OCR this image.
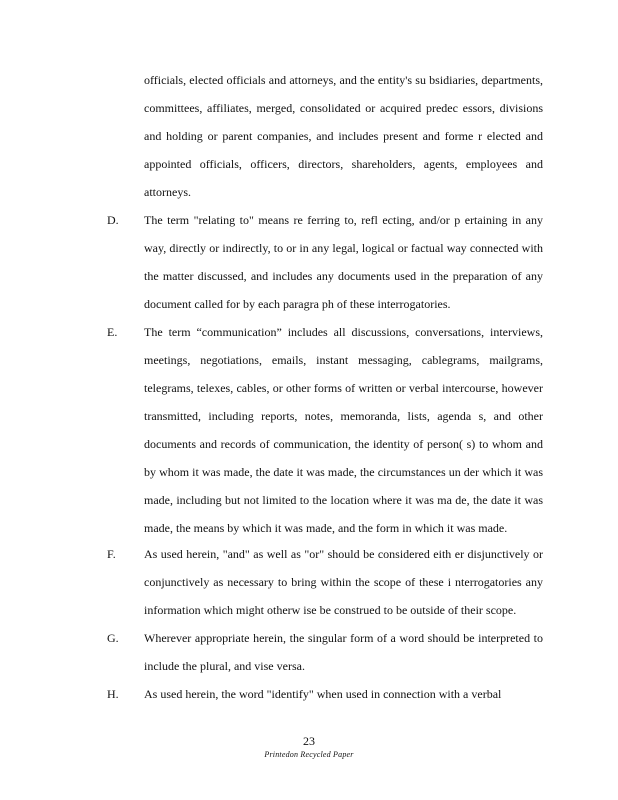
officials, elected officials and attorneys, and the entity's su bsidiaries, departments, committees, affiliates, merged, consolidated or acquired predec essors, divisions and holding or parent companies, and includes present and forme r elected and appointed officials, officers, directors, shareholders, agents, employees and attorneys.
D. The term "relating to" means re ferring to, refl ecting, and/or p ertaining in any way, directly or indirectly, to or in any legal, logical or factual way connected with the matter discussed, and includes any documents used in the preparation of any document called for by each paragra ph of these interrogatories.
E. The term “communication” includes all discussions, conversations, interviews, meetings, negotiations, emails, instant messaging, cablegrams, mailgrams, telegrams, telexes, cables, or other forms of written or verbal intercourse, however transmitted, including reports, notes, memoranda, lists, agenda s, and other documents and records of communication, the identity of person( s) to whom and by whom it was made, the date it was made, the circumstances un der which it was made, including but not limited to the location where it was ma de, the date it was made, the means by which it was made, and the form in which it was made.
F. As used herein, "and" as well as "or" should be considered eith er disjunctively or conjunctively as necessary to bring within the scope of these i nterrogatories any information which might otherw ise be construed to be outside of their scope.
G. Wherever appropriate herein, the singular form of a word should be interpreted to include the plural, and vise versa.
H. As used herein, the word "identify" when used in connection with a verbal
23
Printedon Recycled Paper
